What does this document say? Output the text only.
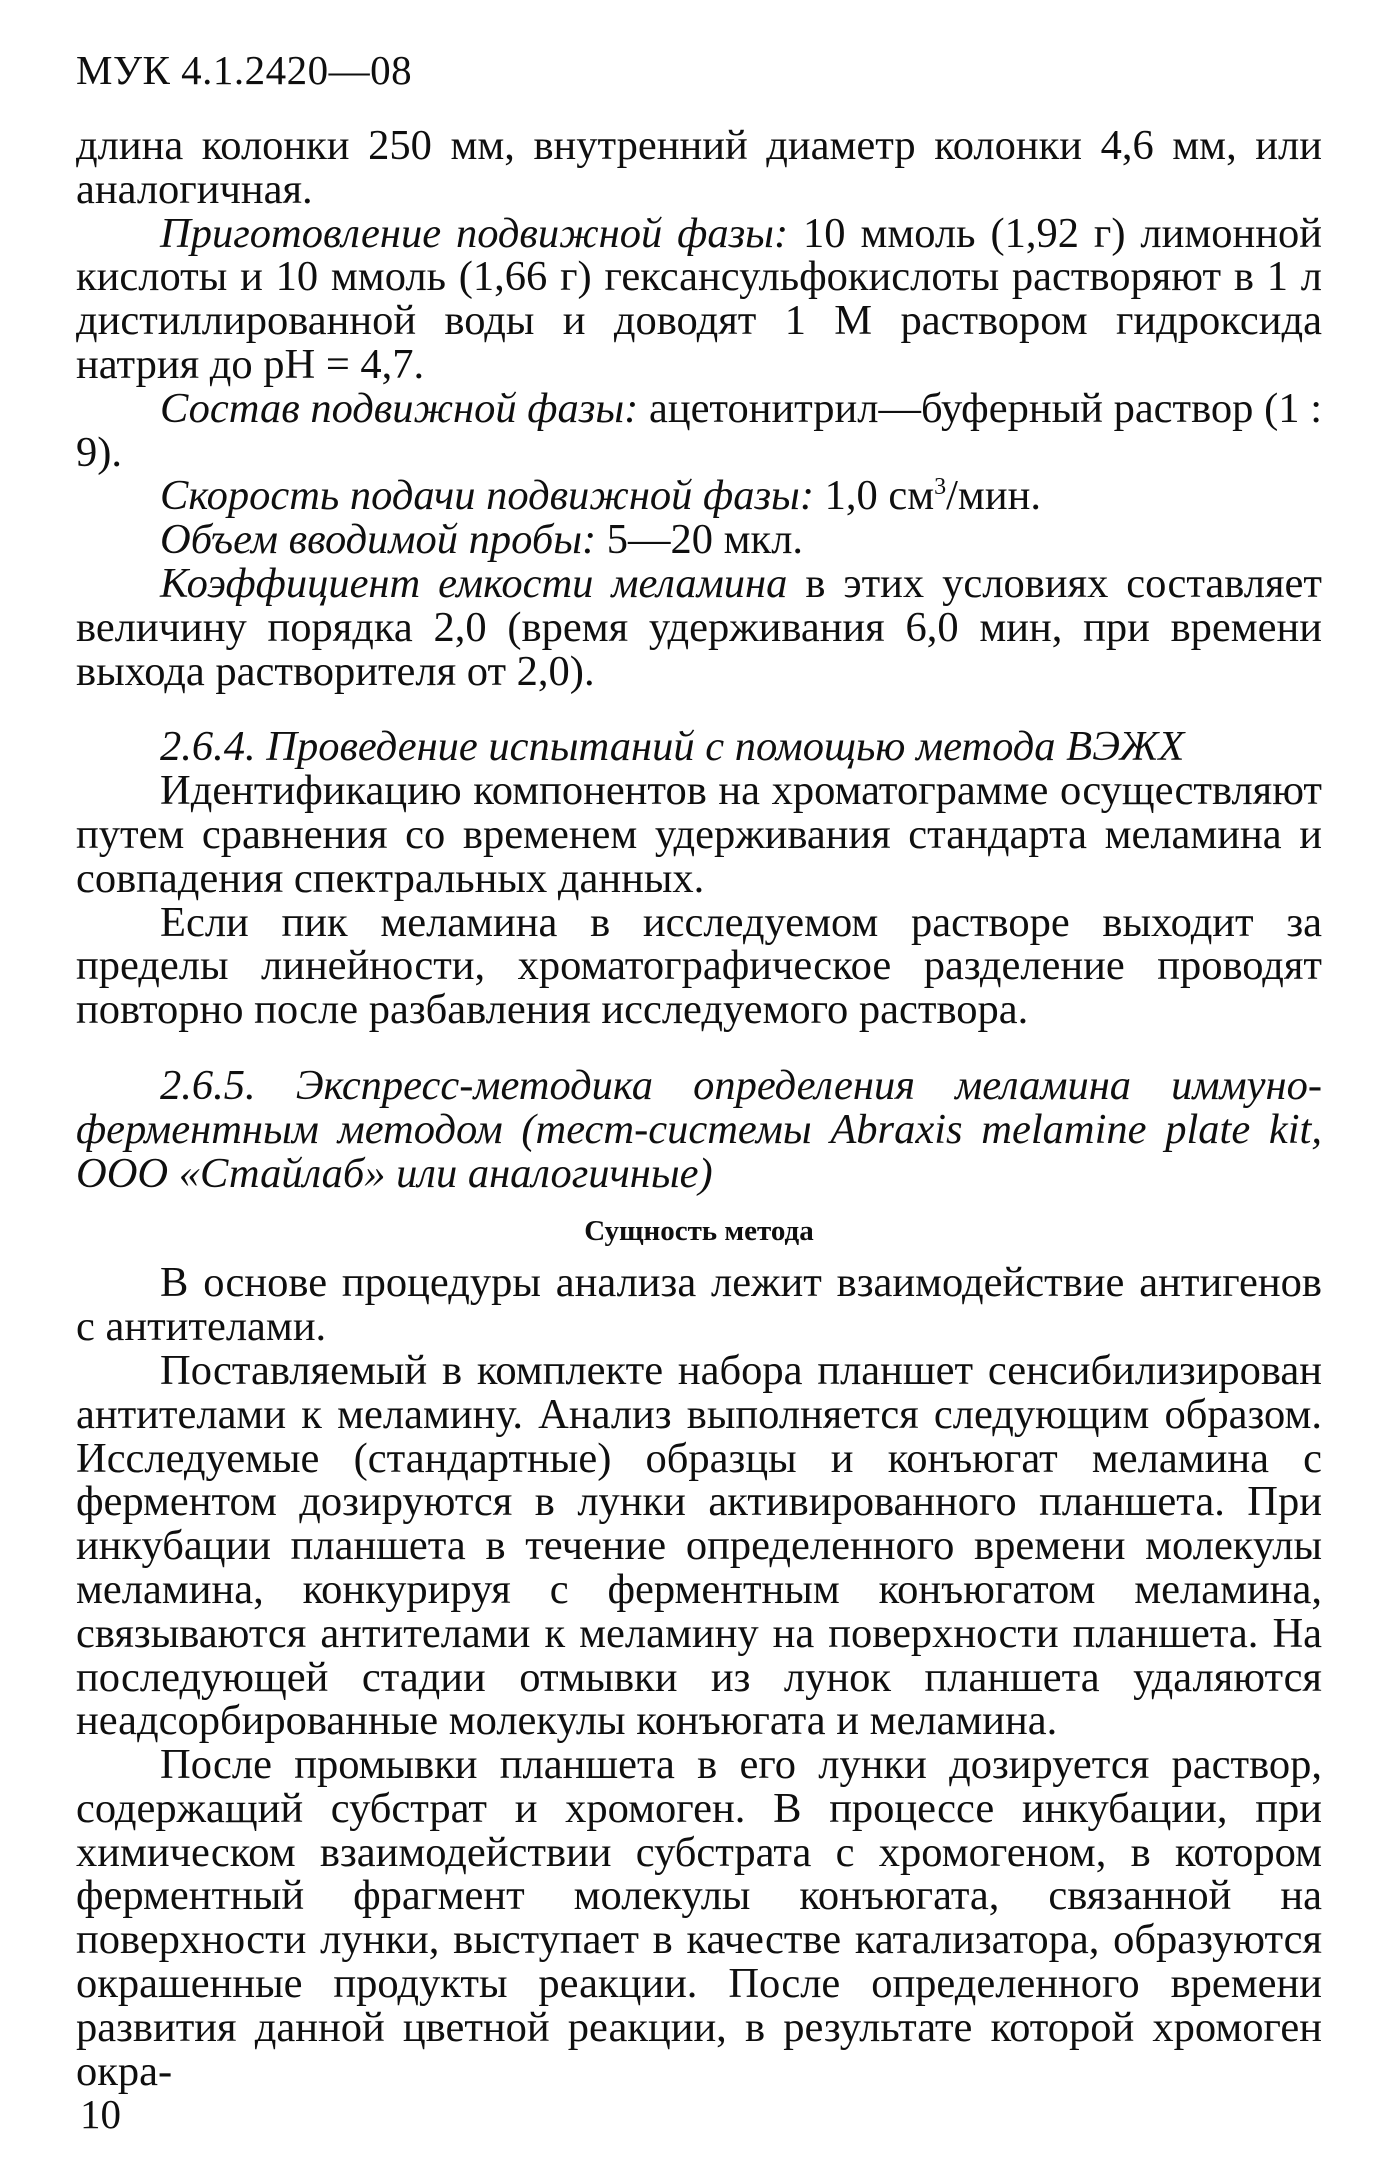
МУК 4.1.2420—08

длина колонки 250 мм, внутренний диаметр колонки 4,6 мм, или аналогичная.

Приготовление подвижной фазы: 10 ммоль (1,92 г) лимонной кислоты и 10 ммоль (1,66 г) гексансульфокислоты растворяют в 1 л дистиллированной воды и доводят 1 М раствором гидроксида натрия до pH = 4,7.

Состав подвижной фазы: ацетонитрил—буферный раствор (1 : 9).

Скорость подачи подвижной фазы: 1,0 $см^3$/мин.

Объем вводимой пробы: 5—20 мкл.

Коэффициент емкости меламина в этих условиях составляет величину порядка 2,0 (время удерживания 6,0 мин, при времени выхода растворителя от 2,0).

2.6.4. Проведение испытаний с помощью метода ВЭЖХ

Идентификацию компонентов на хроматограмме осуществляют путем сравнения со временем удерживания стандарта меламина и совпадения спектральных данных.

Если пик меламина в исследуемом растворе выходит за пределы линейности, хроматографическое разделение проводят повторно после разбавления исследуемого раствора.

2.6.5. Экспресс-методика определения меламина иммуно-ферментным методом (тест-системы Abraxis melamine plate kit, ООО «Стайлаб» или аналогичные)
Сущность метода

В основе процедуры анализа лежит взаимодействие антигенов с антителами.

Поставляемый в комплекте набора планшет сенсибилизирован антителами к меламину. Анализ выполняется следующим образом. Исследуемые (стандартные) образцы и конъюгат меламина с ферментом дозируются в лунки активированного планшета. При инкубации планшета в течение определенного времени молекулы меламина, конкурируя с ферментным конъюгатом меламина, связываются антителами к меламину на поверхности планшета. На последующей стадии отмывки из лунок планшета удаляются неадсорбированные молекулы конъюгата и меламина.

После промывки планшета в его лунки дозируется раствор, содержащий субстрат и хромоген. В процессе инкубации, при химическом взаимодействии субстрата с хромогеном, в котором ферментный фрагмент молекулы конъюгата, связанной на поверхности лунки, выступает в качестве катализатора, образуются окрашенные продукты реакции. После определенного времени развития данной цветной реакции, в результате которой хромоген окра-

10
